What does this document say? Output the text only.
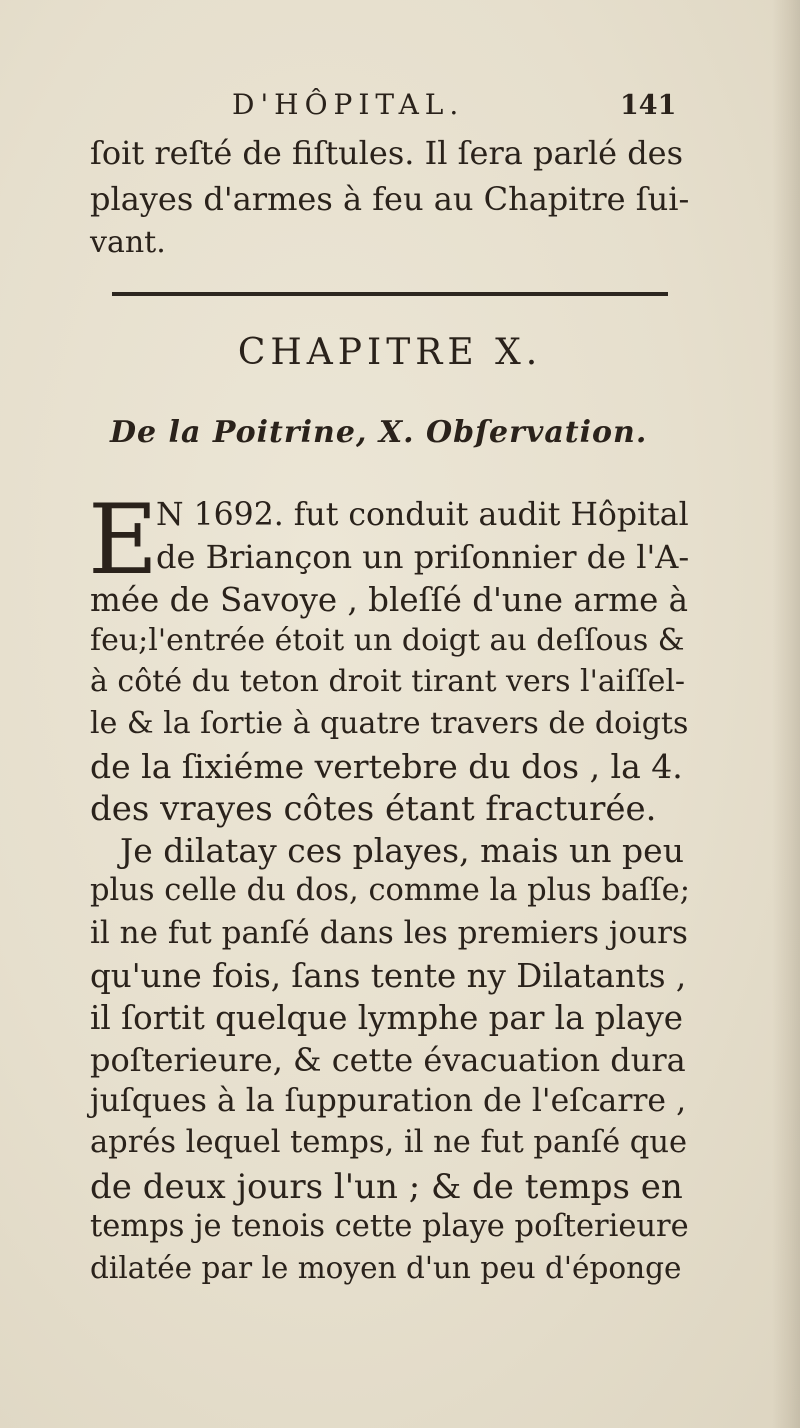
D'HÔPITAL.	141
ſoit reſté de fiſtules. Il ſera parlé des
playes d'armes à feu au Chapitre ſui-
vant.
CHAPITRE X.
De la Poitrine, X. Obſervation.
E
N 1692. fut conduit audit Hôpital
de Briançon un priſonnier de l'A-
mée de Savoye , bleſſé d'une arme à
feu;l'entrée étoit un doigt au deſſous &
à côté du teton droit tirant vers l'aiſſel-
le & la ſortie à quatre travers de doigts
de la ſixiéme vertebre du dos , la 4.
des vrayes côtes étant fracturée.
Je dilatay ces playes, mais un peu
plus celle du dos, comme la plus baſſe;
il ne fut panſé dans les premiers jours
qu'une fois, ſans tente ny Dilatants ,
il ſortit quelque lymphe par la playe
poſterieure, & cette évacuation dura
juſques à la ſuppuration de l'eſcarre ,
aprés lequel temps, il ne fut panſé que
de deux jours l'un ; & de temps en
temps je tenois cette playe poſterieure
dilatée par le moyen d'un peu d'éponge
